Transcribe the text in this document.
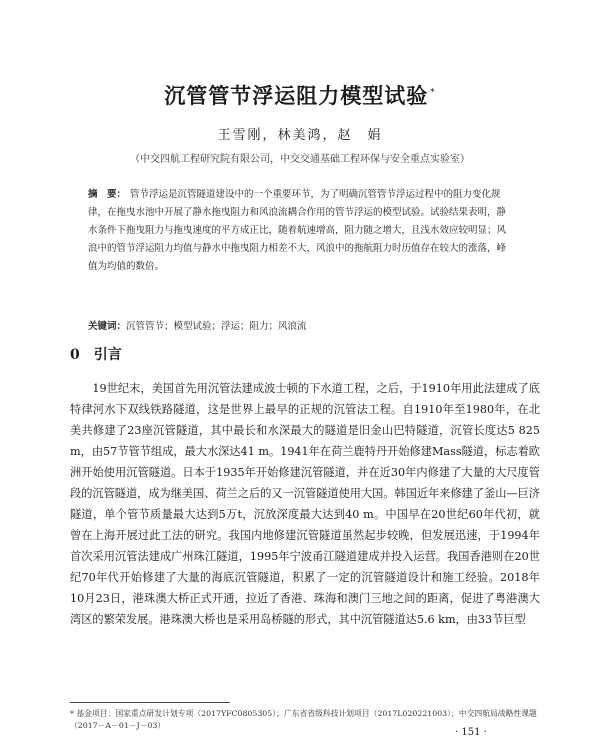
沉管管节浮运阻力模型试验 *
王雪刚，林美鸿，赵　娟
（中交四航工程研究院有限公司，中交交通基础工程环保与安全重点实验室）
摘　要： 管节浮运是沉管隧道建设中的一个重要环节，为了明确沉管管节浮运过程中的阻力变化规律，在拖曳水池中开展了静水拖曳阻力和风浪流耦合作用的管节浮运的模型试验。试验结果表明，静水条件下拖曳阻力与拖曳速度的平方成正比，随着航速增高，阻力随之增大，且浅水效应较明显；风浪中的管节浮运阻力均值与静水中拖曳阻力相差不大，风浪中的拖航阻力时历值存在较大的涨落，峰值为均值的数倍。
关键词：沉管管节；模型试验；浮运；阻力；风浪流
0 引言
19世纪末，美国首先用沉管法建成波士顿的下水道工程，之后，于1910年用此法建成了底特律河水下双线铁路隧道，这是世界上最早的正规的沉管法工程。自1910年至1980年，在北美共修建了23座沉管隧道，其中最长和水深最大的隧道是旧金山巴特隧道，沉管长度达5 825 m，由57节管节组成，最大水深达41 m。1941年在荷兰鹿特丹开始修建Mass隧道，标志着欧洲开始使用沉管隧道。日本于1935年开始修建沉管隧道，并在近30年内修建了大量的大尺度管段的沉管隧道，成为继美国、荷兰之后的又一沉管隧道使用大国。韩国近年来修建了釜山—巨济隧道，单个管节质量最大达到5万t，沉放深度最大达到40 m。中国早在20世纪60年代初，就曾在上海开展过此工法的研究。我国内地修建沉管隧道虽然起步较晚，但发展迅速，于1994年首次采用沉管法建成广州珠江隧道，1995年宁波甬江隧道建成并投入运营。我国香港则在20世纪70年代开始修建了大量的海底沉管隧道，积累了一定的沉管隧道设计和施工经验。2018年10月23日，港珠澳大桥正式开通，拉近了香港、珠海和澳门三地之间的距离，促进了粤港澳大湾区的繁荣发展。港珠澳大桥也是采用岛桥隧的形式，其中沉管隧道达5.6 km，由33节巨型
* 基金项目：国家重点研发计划专项（2017YFC0805305）；广东省省级科技计划项目（2017L020221003）；中交四航局战略性课题（2017－A－01－J－03）
· 151 ·
